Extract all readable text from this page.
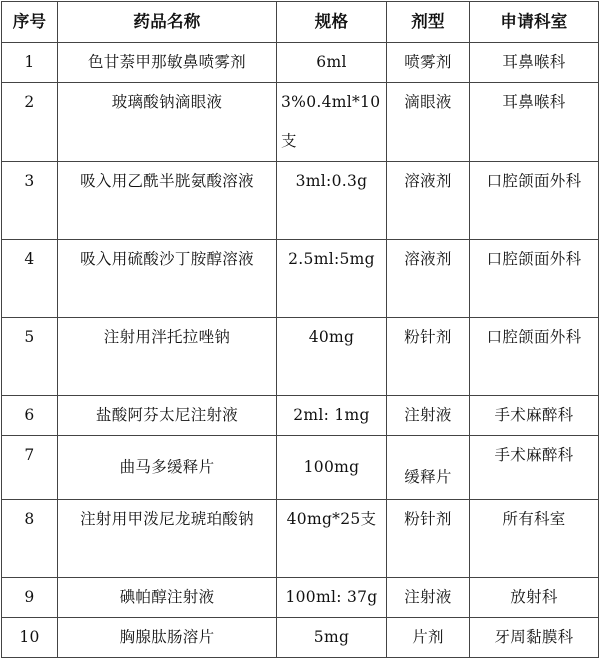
序号	药品名称	规格	剂型	申请科室
1	色甘萘甲那敏鼻喷雾剂	6ml	喷雾剂	耳鼻喉科
2	玻璃酸钠滴眼液	3%0.4ml*10支	滴眼液	耳鼻喉科
3	吸入用乙酰半胱氨酸溶液	3ml:0.3g	溶液剂	口腔颌面外科
4	吸入用硫酸沙丁胺醇溶液	2.5ml:5mg	溶液剂	口腔颌面外科
5	注射用泮托拉唑钠	40mg	粉针剂	口腔颌面外科
6	盐酸阿芬太尼注射液	2ml: 1mg	注射液	手术麻醉科
7	曲马多缓释片	100mg	缓释片	手术麻醉科
8	注射用甲泼尼龙琥珀酸钠	40mg*25支	粉针剂	所有科室
9	碘帕醇注射液	100ml: 37g	注射液	放射科
10	胸腺肽肠溶片	5mg	片剂	牙周黏膜科
